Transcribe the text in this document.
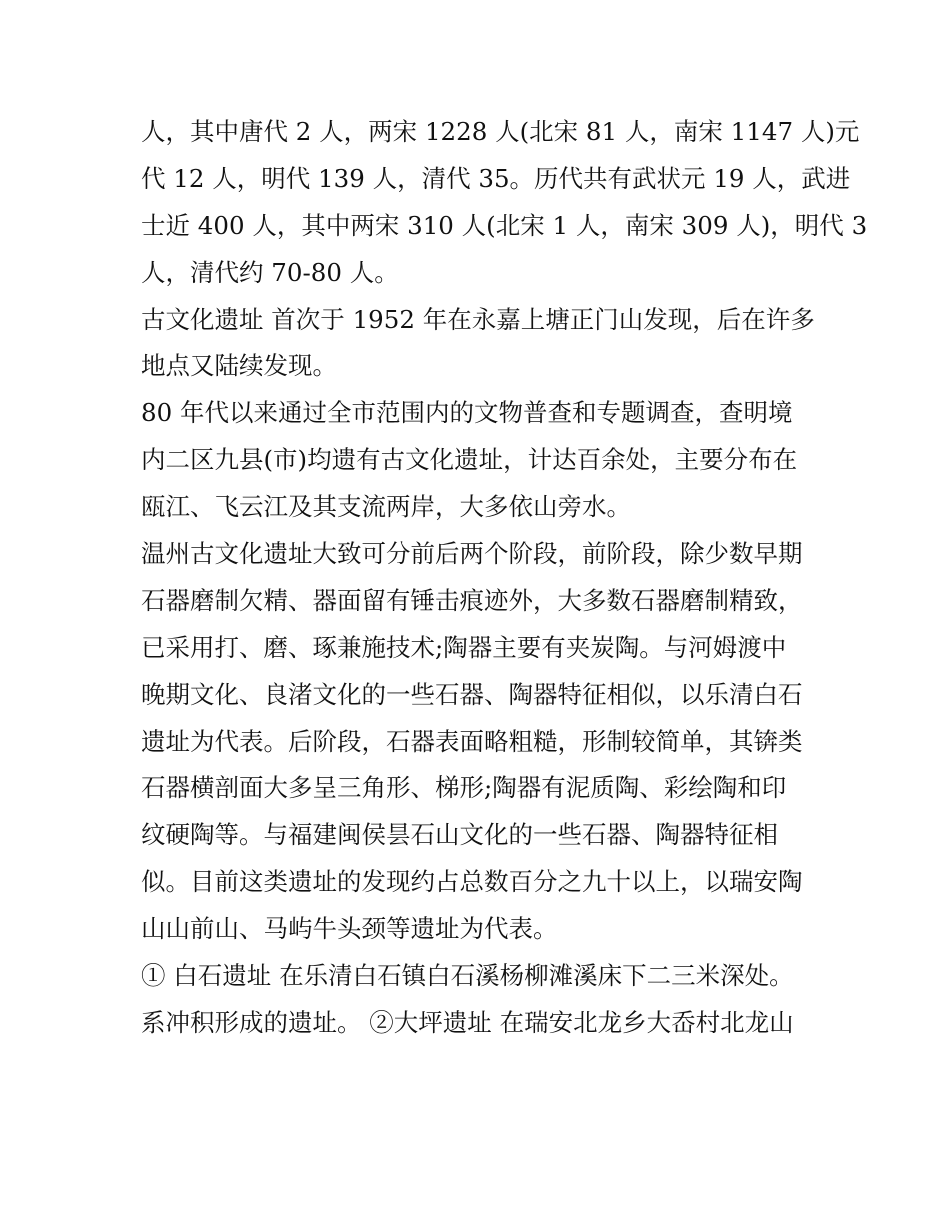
人，其中唐代 2 人，两宋 1228 人(北宋 81 人，南宋 1147 人)元
代 12 人，明代 139 人，清代 35。历代共有武状元 19 人，武进
士近 400 人，其中两宋 310 人(北宋 1 人，南宋 309 人)，明代 3
人，清代约 70-80 人。
古文化遗址 首次于 1952 年在永嘉上塘正门山发现，后在许多
地点又陆续发现。
80 年代以来通过全市范围内的文物普查和专题调查，查明境
内二区九县(市)均遗有古文化遗址，计达百余处，主要分布在
瓯江、飞云江及其支流两岸，大多依山旁水。
温州古文化遗址大致可分前后两个阶段，前阶段，除少数早期
石器磨制欠精、器面留有锤击痕迹外，大多数石器磨制精致，
已采用打、磨、琢兼施技术;陶器主要有夹炭陶。与河姆渡中
晚期文化、良渚文化的一些石器、陶器特征相似，以乐清白石
遗址为代表。后阶段，石器表面略粗糙，形制较简单，其锛类
石器横剖面大多呈三角形、梯形;陶器有泥质陶、彩绘陶和印
纹硬陶等。与福建闽侯昙石山文化的一些石器、陶器特征相
似。目前这类遗址的发现约占总数百分之九十以上，以瑞安陶
山山前山、马屿牛头颈等遗址为代表。
① 白石遗址 在乐清白石镇白石溪杨柳滩溪床下二三米深处。
系冲积形成的遗址。 ②大坪遗址 在瑞安北龙乡大岙村北龙山
